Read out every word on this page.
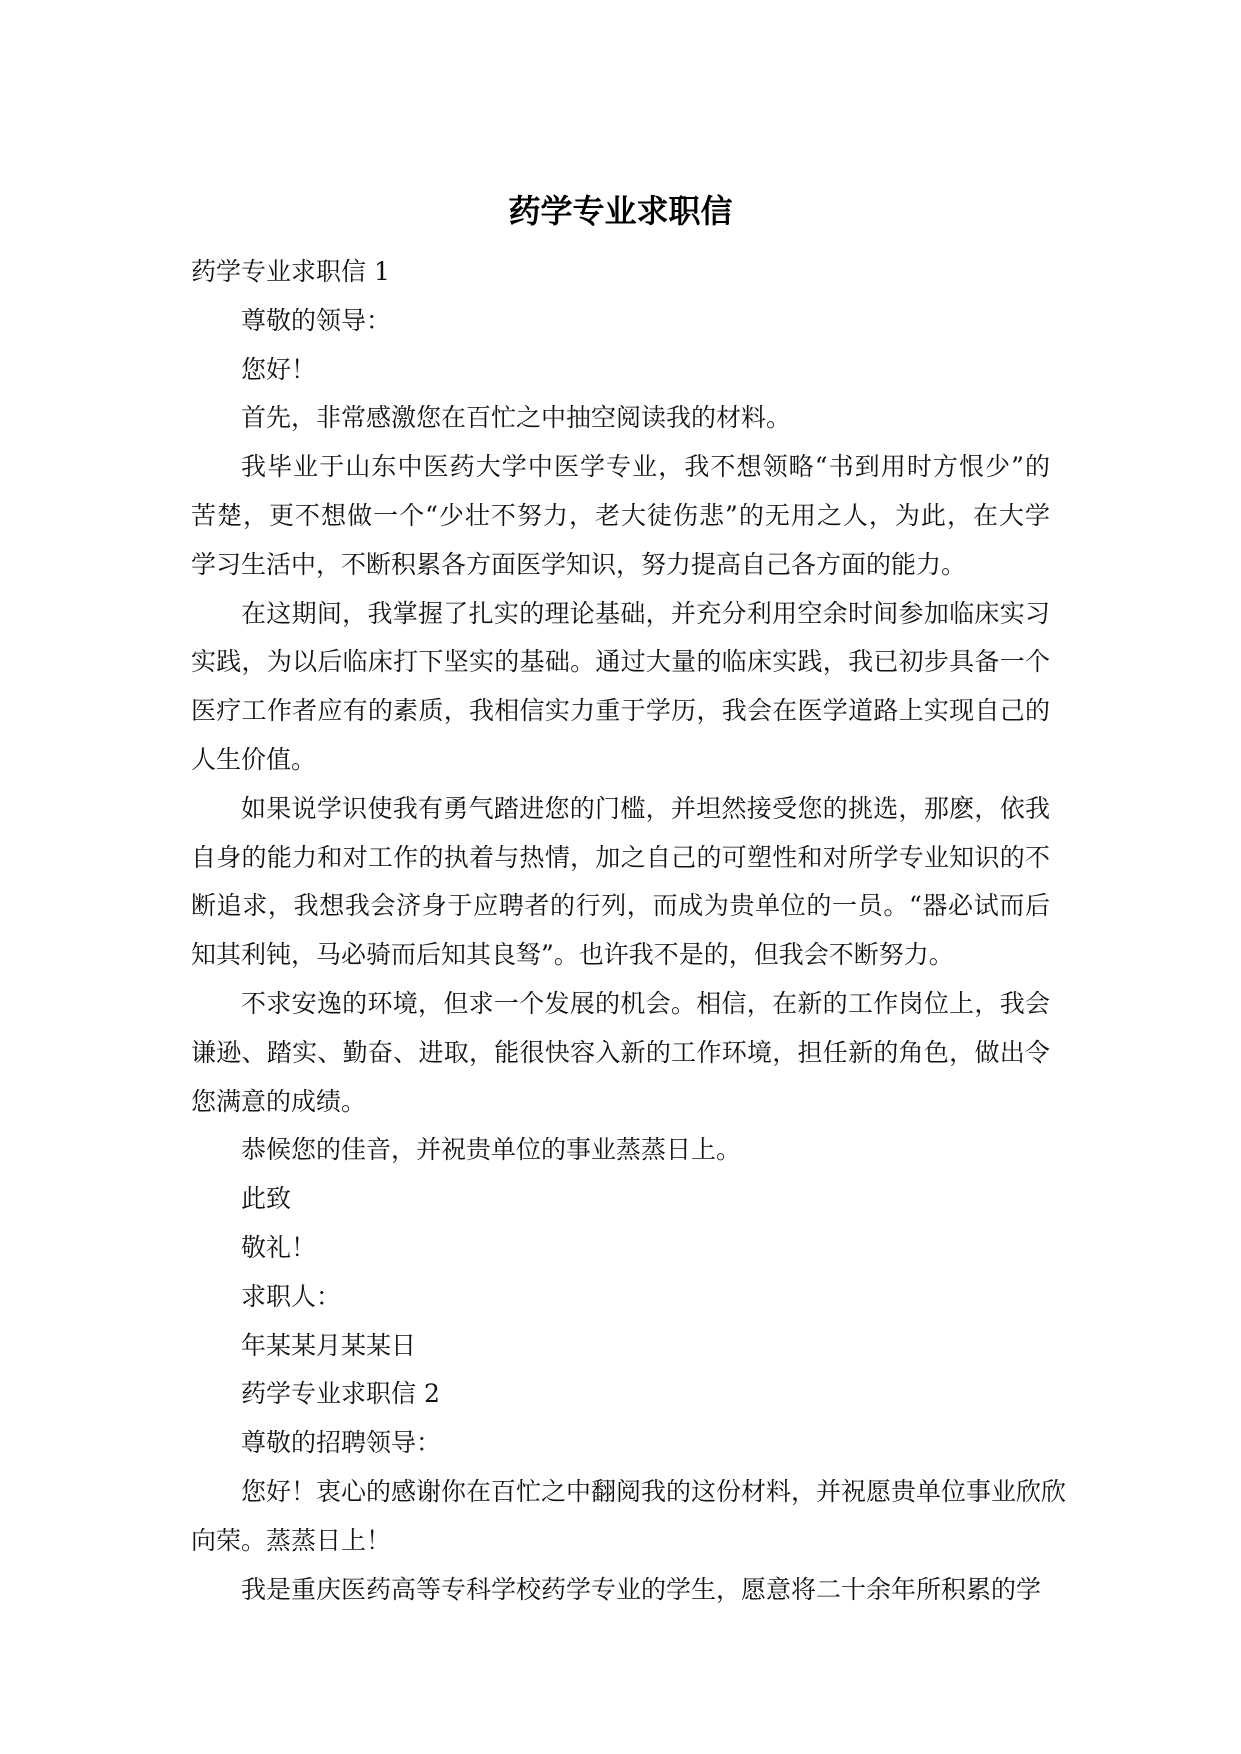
药学专业求职信
药学专业求职信 1
尊敬的领导：
您好！
首先，非常感激您在百忙之中抽空阅读我的材料。
我毕业于山东中医药大学中医学专业，我不想领略“书到用时方恨少”的
苦楚，更不想做一个“少壮不努力，老大徒伤悲”的无用之人，为此，在大学
学习生活中，不断积累各方面医学知识，努力提高自己各方面的能力。
在这期间，我掌握了扎实的理论基础，并充分利用空余时间参加临床实习
实践，为以后临床打下坚实的基础。通过大量的临床实践，我已初步具备一个
医疗工作者应有的素质，我相信实力重于学历，我会在医学道路上实现自己的
人生价值。
如果说学识使我有勇气踏进您的门槛，并坦然接受您的挑选，那麽，依我
自身的能力和对工作的执着与热情，加之自己的可塑性和对所学专业知识的不
断追求，我想我会济身于应聘者的行列，而成为贵单位的一员。“器必试而后
知其利钝，马必骑而后知其良驽”。也许我不是的，但我会不断努力。
不求安逸的环境，但求一个发展的机会。相信，在新的工作岗位上，我会
谦逊、踏实、勤奋、进取，能很快容入新的工作环境，担任新的角色，做出令
您满意的成绩。
恭候您的佳音，并祝贵单位的事业蒸蒸日上。
此致
敬礼！
求职人：
年某某月某某日
药学专业求职信 2
尊敬的招聘领导：
您好！衷心的感谢你在百忙之中翻阅我的这份材料，并祝愿贵单位事业欣欣
向荣。蒸蒸日上！
我是重庆医药高等专科学校药学专业的学生，愿意将二十余年所积累的学
